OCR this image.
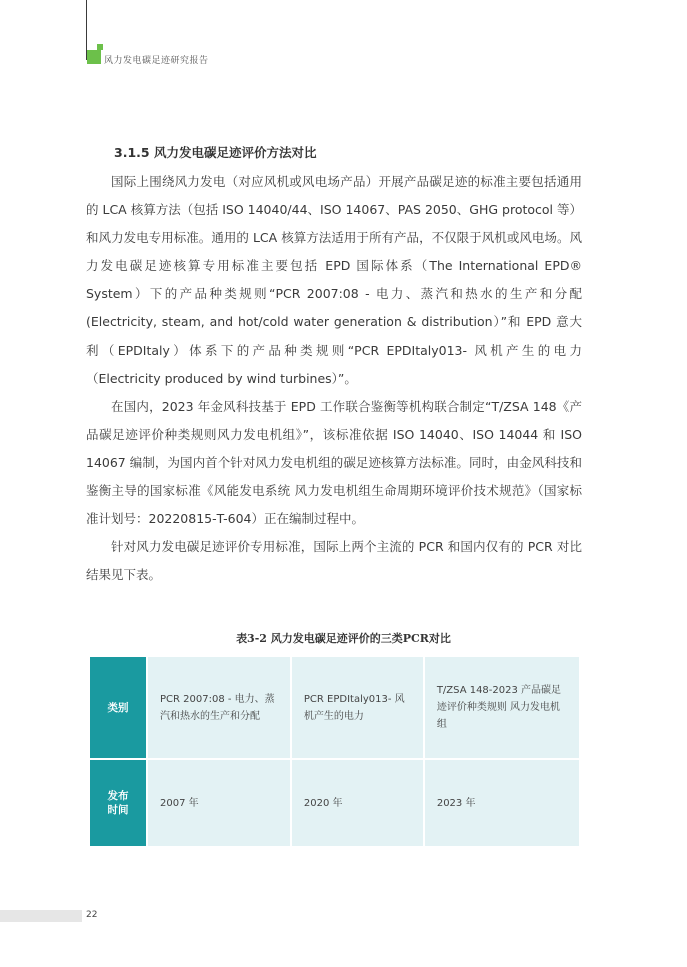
风力发电碳足迹研究报告
3.1.5 风力发电碳足迹评价方法对比

国际上围绕风力发电（对应风机或风电场产品）开展产品碳足迹的标准主要包括通用的 LCA 核算方法（包括 ISO 14040/44、ISO 14067、PAS 2050、GHG protocol 等）和风力发电专用标准。通用的 LCA 核算方法适用于所有产品，不仅限于风机或风电场。风力发电碳足迹核算专用标准主要包括 EPD 国际体系（The International EPD® System）下的产品种类规则“PCR 2007:08 - 电力、蒸汽和热水的生产和分配(Electricity, steam, and hot/cold water generation & distribution）”和 EPD 意大利（EPDItaly）体系下的产品种类规则“PCR EPDItaly013- 风机产生的电力（Electricity produced by wind turbines）”。

在国内，2023 年金风科技基于 EPD 工作联合鉴衡等机构联合制定“T/ZSA 148《产品碳足迹评价种类规则风力发电机组》”，该标准依据 ISO 14040、ISO 14044 和 ISO 14067 编制，为国内首个针对风力发电机组的碳足迹核算方法标准。同时，由金风科技和鉴衡主导的国家标准《风能发电系统 风力发电机组生命周期环境评价技术规范》（国家标准计划号：20220815-T-604）正在编制过程中。

针对风力发电碳足迹评价专用标准，国际上两个主流的 PCR 和国内仅有的 PCR 对比结果见下表。

表3-2 风力发电碳足迹评价的三类PCR对比
类别	PCR 2007:08 - 电力、蒸汽和热水的生产和分配	PCR EPDItaly013- 风机产生的电力	T/ZSA 148-2023 产品碳足迹评价种类规则 风力发电机组
发布时间	2007 年	2020 年	2023 年
22
